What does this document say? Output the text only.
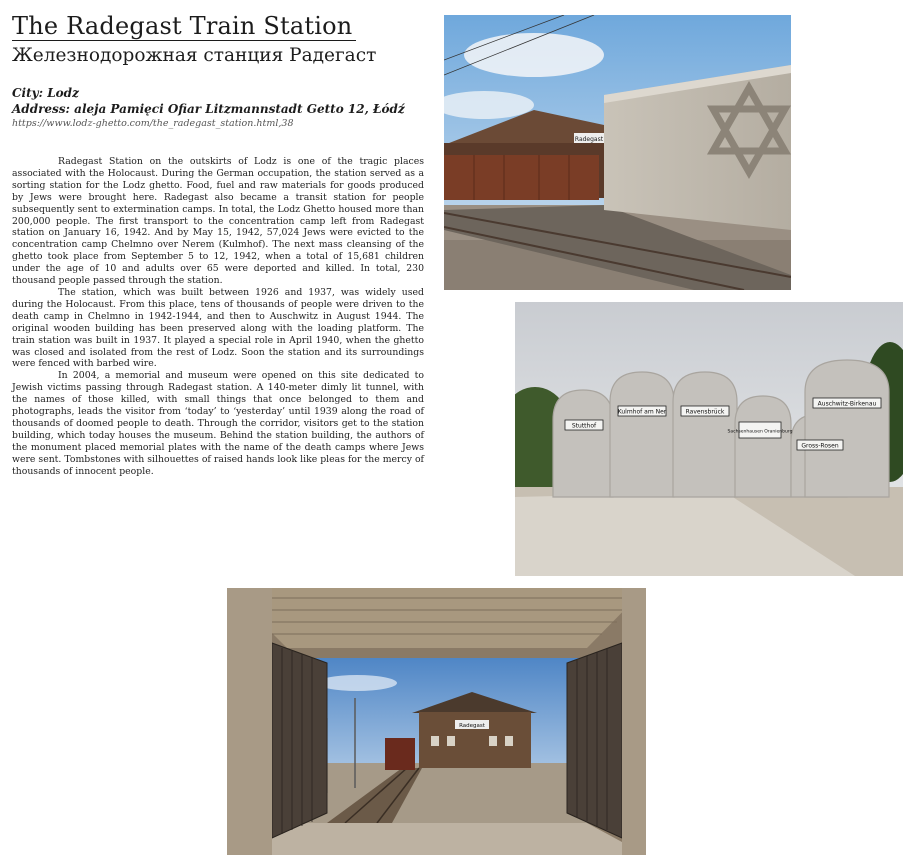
The Radegast Train Station
Железнодорожная станция Радегаст
City: Lodz
Address: aleja Pamięci Ofiar Litzmannstadt Getto 12, Łódź
https://www.lodz-ghetto.com/the_radegast_station.html,38

Radegast Station on the outskirts of Lodz is one of the tragic places associated with the Holocaust. During the German occupation, the station served as a sorting station for the Lodz ghetto. Food, fuel and raw materials for goods produced by Jews were brought here. Radegast also became a transit station for people subsequently sent to extermination camps. In total, the Lodz Ghetto housed more than 200,000 people. The first transport to the concentration camp left from Radegast station on January 16, 1942. And by May 15, 1942, 57,024 Jews were evicted to the concentration camp Chelmno over Nerem (Kulmhof). The next mass cleansing of the ghetto took place from September 5 to 12, 1942, when a total of 15,681 children under the age of 10 and adults over 65 were deported and killed. In total, 230 thousand people passed through the station.

The station, which was built between 1926 and 1937, was widely used during the Holocaust. From this place, tens of thousands of people were driven to the death camp in Chelmno in 1942-1944, and then to Auschwitz in August 1944. The original wooden building has been preserved along with the loading platform. The train station was built in 1937. It played a special role in April 1940, when the ghetto was closed and isolated from the rest of Lodz. Soon the station and its surroundings were fenced with barbed wire.

In 2004, a memorial and museum were opened on this site dedicated to Jewish victims passing through Radegast station. A 140-meter dimly lit tunnel, with the names of those killed, with small things that once belonged to them and photographs, leads the visitor from ‘today’ to ‘yesterday’ until 1939 along the road of thousands of doomed people to death. Through the corridor, visitors get to the station building, which today houses the museum. Behind the station building, the authors of the monument placed memorial plates with the name of the death camps where Jews were sent. Tombstones with silhouettes of raised hands look like pleas for the mercy of thousands of innocent people.

Radegast
Stutthof
Kulmhof am Ner	Ravensbrück
Sachsenhausen Oranienburg
Auschwitz-Birkenau
Gross-Rosen
Radegast
